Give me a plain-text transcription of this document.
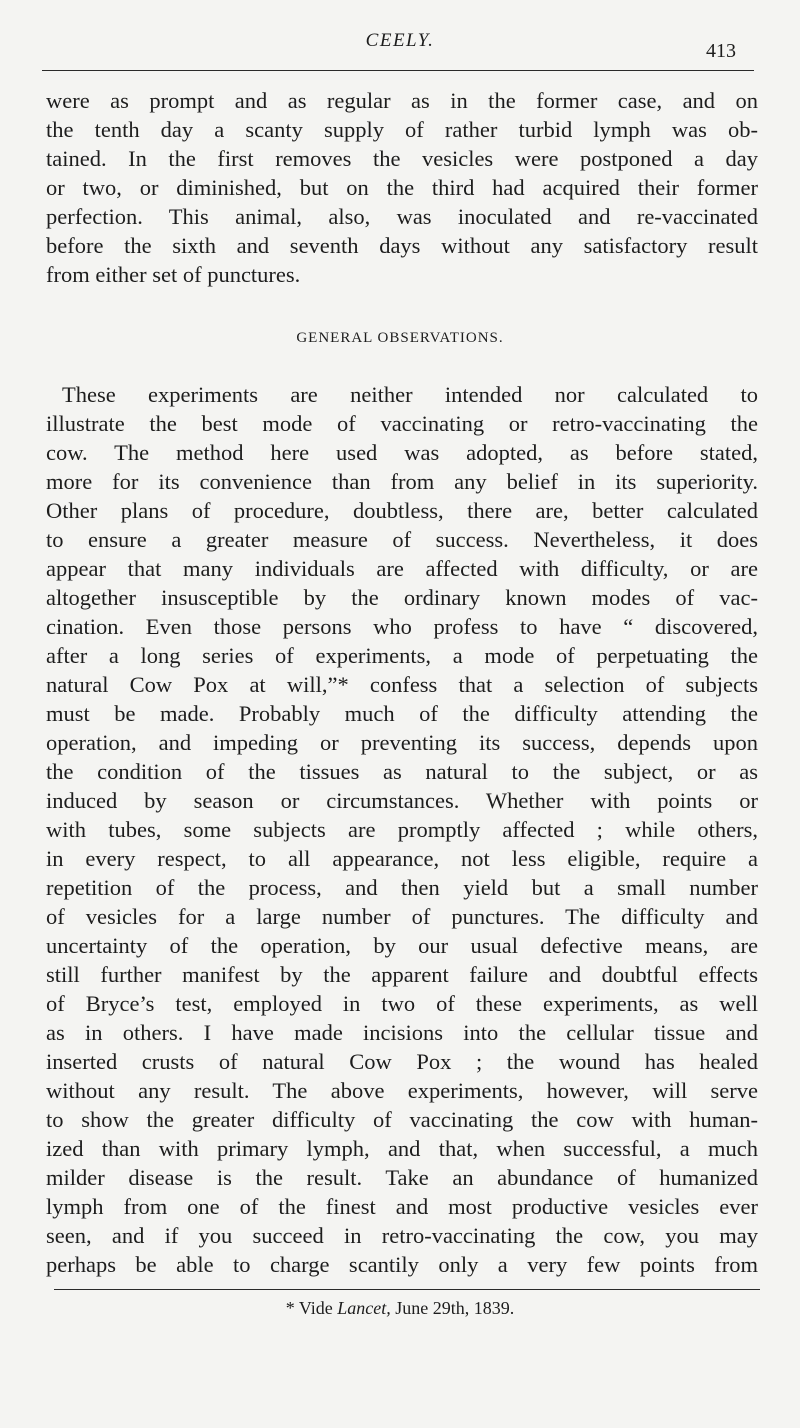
CEELY.	413
were as prompt and as regular as in the former case, and on
the tenth day a scanty supply of rather turbid lymph was ob-
tained. In the first removes the vesicles were postponed a day
or two, or diminished, but on the third had acquired their former
perfection. This animal, also, was inoculated and re-vaccinated
before the sixth and seventh days without any satisfactory result
from either set of punctures.
GENERAL OBSERVATIONS.
These experiments are neither intended nor calculated to
illustrate the best mode of vaccinating or retro-vaccinating the
cow. The method here used was adopted, as before stated,
more for its convenience than from any belief in its superiority.
Other plans of procedure, doubtless, there are, better calculated
to ensure a greater measure of success. Nevertheless, it does
appear that many individuals are affected with difficulty, or are
altogether insusceptible by the ordinary known modes of vac-
cination. Even those persons who profess to have “ discovered,
after a long series of experiments, a mode of perpetuating the
natural Cow Pox at will,”* confess that a selection of subjects
must be made. Probably much of the difficulty attending the
operation, and impeding or preventing its success, depends upon
the condition of the tissues as natural to the subject, or as
induced by season or circumstances. Whether with points or
with tubes, some subjects are promptly affected ; while others,
in every respect, to all appearance, not less eligible, require a
repetition of the process, and then yield but a small number
of vesicles for a large number of punctures. The difficulty and
uncertainty of the operation, by our usual defective means, are
still further manifest by the apparent failure and doubtful effects
of Bryce’s test, employed in two of these experiments, as well
as in others. I have made incisions into the cellular tissue and
inserted crusts of natural Cow Pox ; the wound has healed
without any result. The above experiments, however, will serve
to show the greater difficulty of vaccinating the cow with human-
ized than with primary lymph, and that, when successful, a much
milder disease is the result. Take an abundance of humanized
lymph from one of the finest and most productive vesicles ever
seen, and if you succeed in retro-vaccinating the cow, you may
perhaps be able to charge scantily only a very few points from
* Vide Lancet, June 29th, 1839.
